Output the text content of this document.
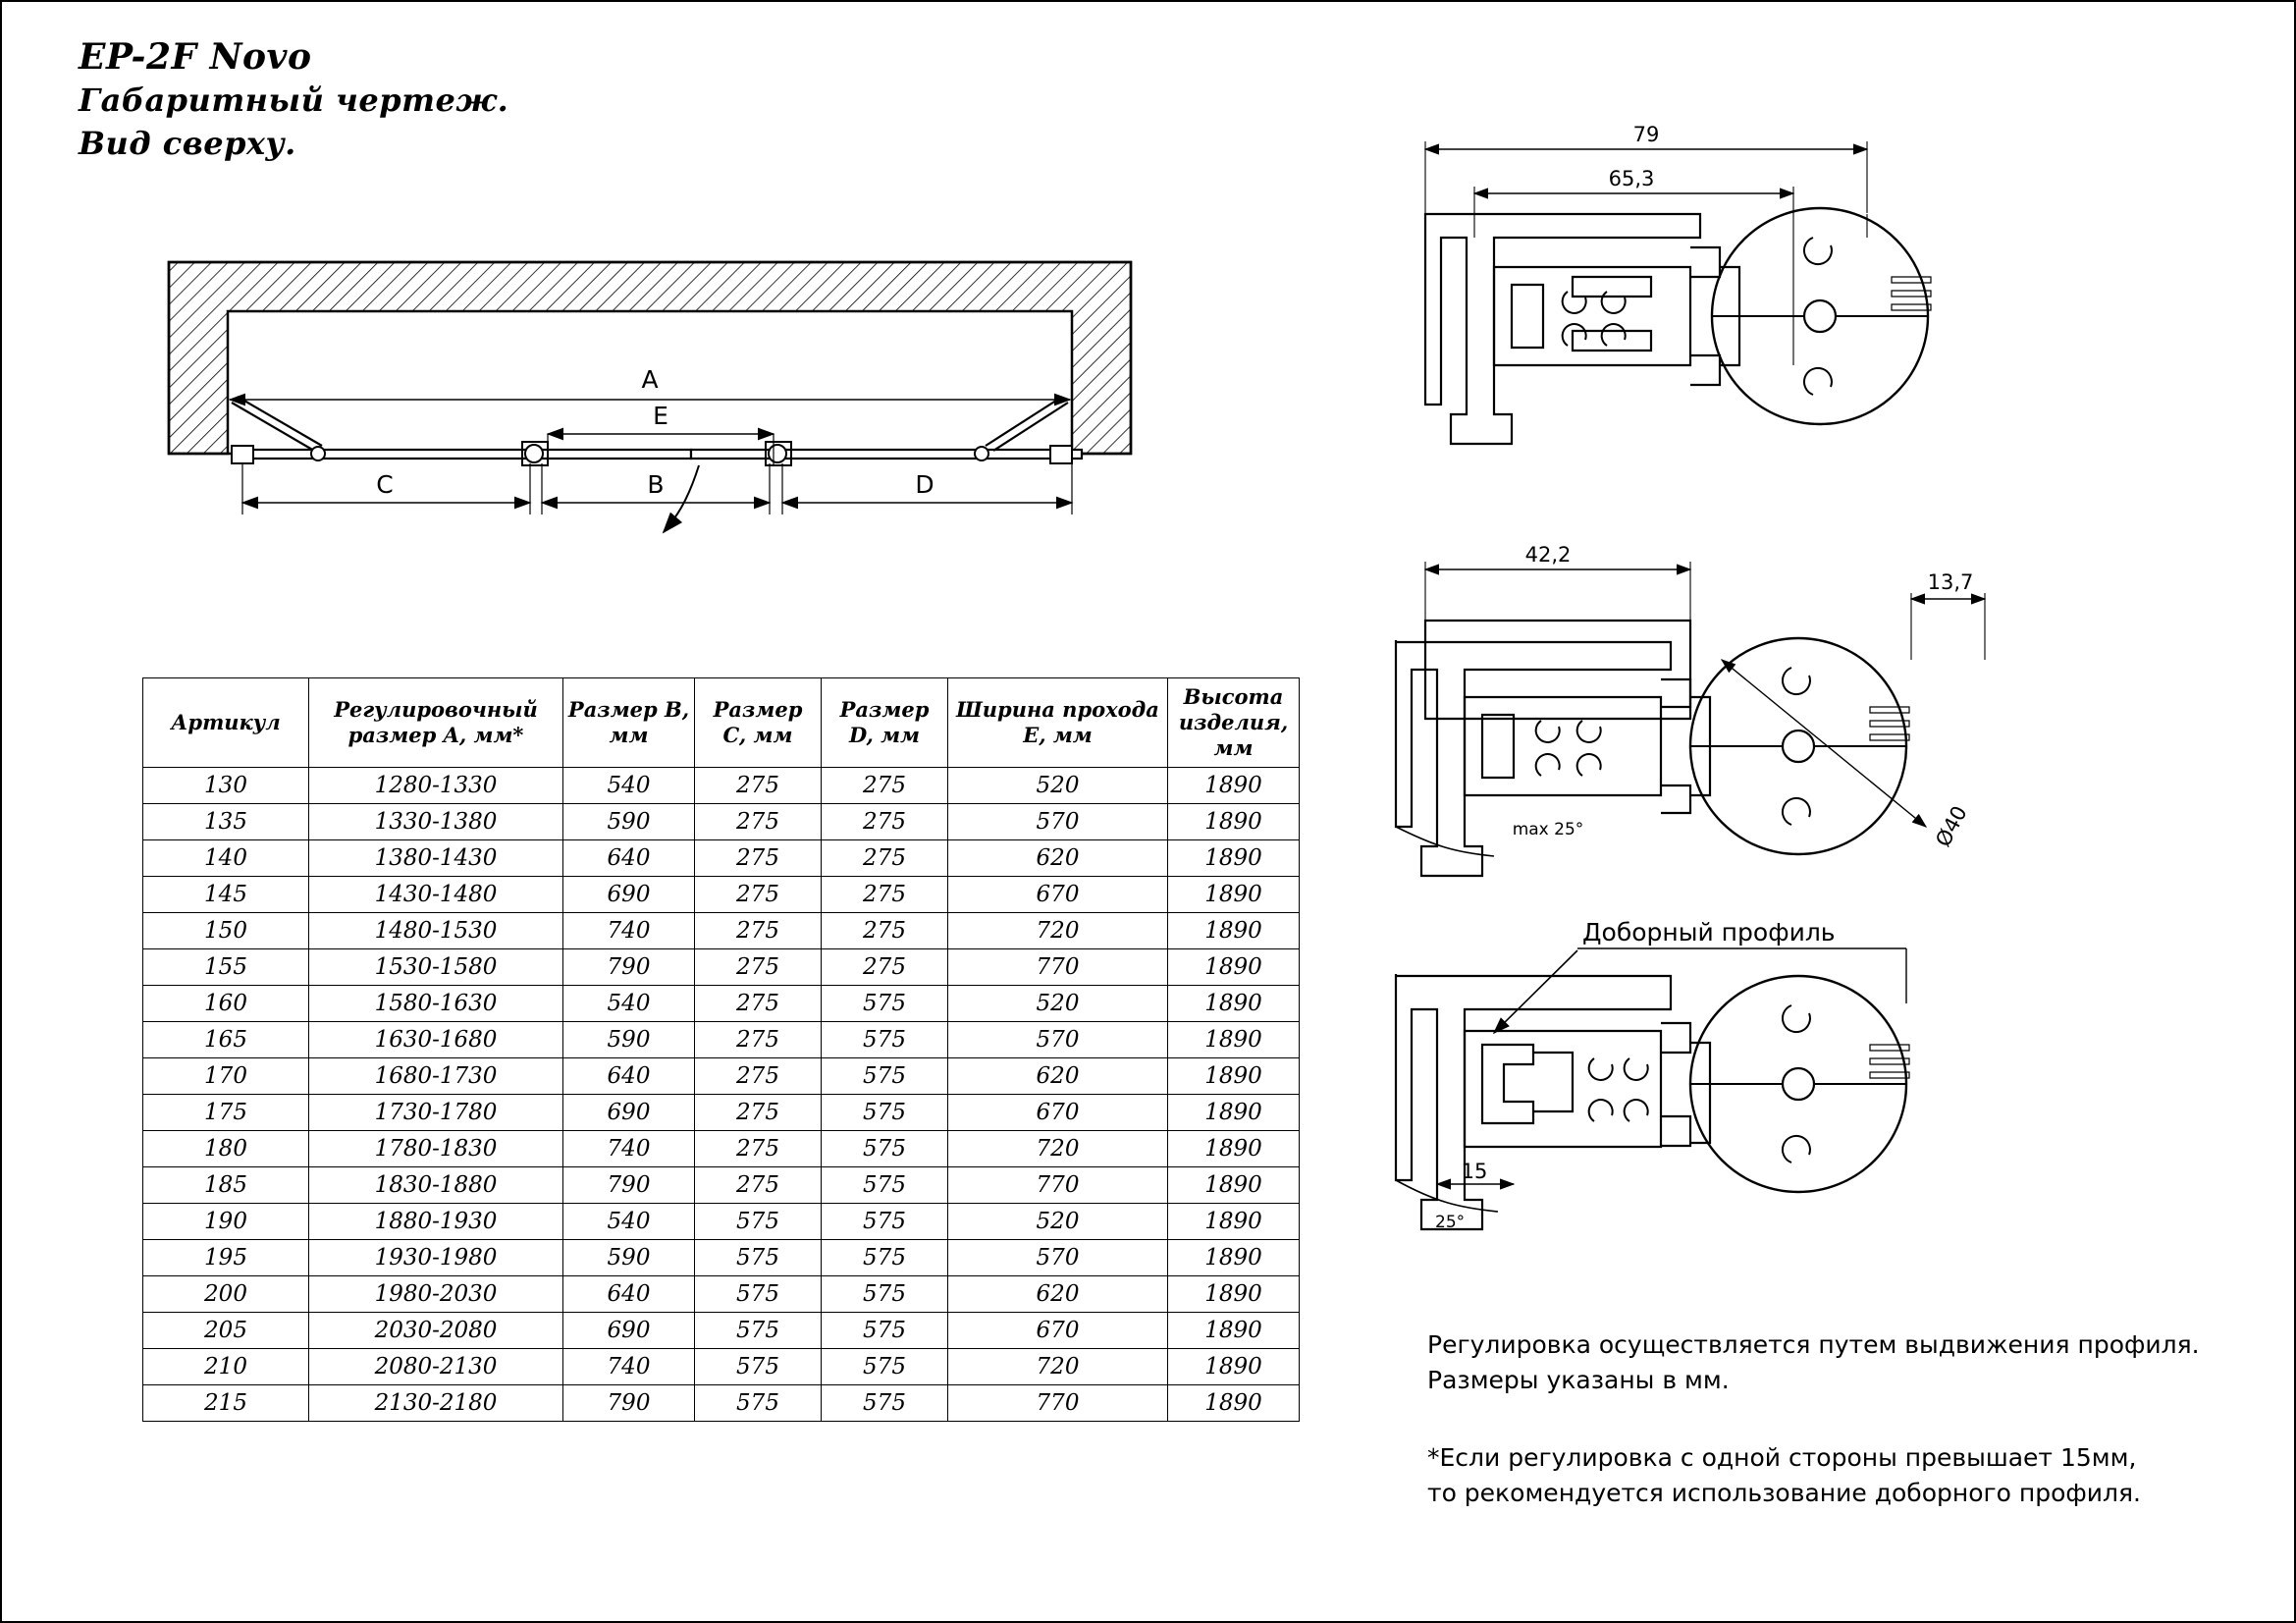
EP-2F Novo
Габаритный чертеж.
Вид сверху.
A
E
C	B	D
79
65,3
42,2
13,7
max 25°	Ø40
Доборный профиль
15
25°
Регулировка осуществляется путем выдвижения профиля.
Размеры указаны в мм.
*Если регулировка с одной стороны превышает 15мм,
то рекомендуется использование доборного профиля.
Артикул	Регулировочный размер A, мм*	Размер B, мм	Размер C, мм	Размер D, мм	Ширина прохода E, мм	Высота изделия, мм
130	1280-1330	540	275	275	520	1890
135	1330-1380	590	275	275	570	1890
140	1380-1430	640	275	275	620	1890
145	1430-1480	690	275	275	670	1890
150	1480-1530	740	275	275	720	1890
155	1530-1580	790	275	275	770	1890
160	1580-1630	540	275	575	520	1890
165	1630-1680	590	275	575	570	1890
170	1680-1730	640	275	575	620	1890
175	1730-1780	690	275	575	670	1890
180	1780-1830	740	275	575	720	1890
185	1830-1880	790	275	575	770	1890
190	1880-1930	540	575	575	520	1890
195	1930-1980	590	575	575	570	1890
200	1980-2030	640	575	575	620	1890
205	2030-2080	690	575	575	670	1890
210	2080-2130	740	575	575	720	1890
215	2130-2180	790	575	575	770	1890
